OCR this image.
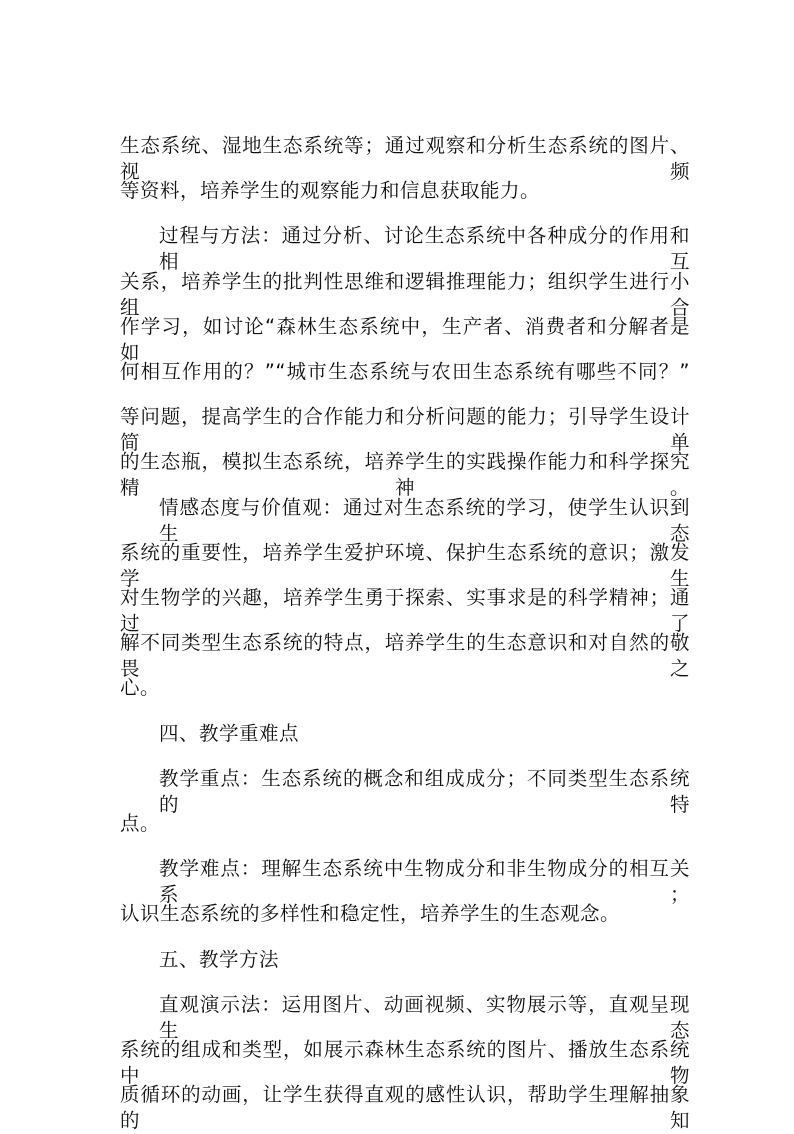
生态系统、湿地生态系统等；通过观察和分析生态系统的图片、视频
等资料，培养学生的观察能力和信息获取能力。
过程与方法：通过分析、讨论生态系统中各种成分的作用和相互
关系，培养学生的批判性思维和逻辑推理能力；组织学生进行小组合
作学习，如讨论“森林生态系统中，生产者、消费者和分解者是如
何相互作用的？”“城市生态系统与农田生态系统有哪些不同？”
等问题，提高学生的合作能力和分析问题的能力；引导学生设计简单
的生态瓶，模拟生态系统，培养学生的实践操作能力和科学探究精神。
情感态度与价值观：通过对生态系统的学习，使学生认识到生态
系统的重要性，培养学生爱护环境、保护生态系统的意识；激发学生
对生物学的兴趣，培养学生勇于探索、实事求是的科学精神；通过了
解不同类型生态系统的特点，培养学生的生态意识和对自然的敬畏之
心。
四、教学重难点
教学重点：生态系统的概念和组成成分；不同类型生态系统的特
点。
教学难点：理解生态系统中生物成分和非生物成分的相互关系；
认识生态系统的多样性和稳定性，培养学生的生态观念。
五、教学方法
直观演示法：运用图片、动画视频、实物展示等，直观呈现生态
系统的组成和类型，如展示森林生态系统的图片、播放生态系统中物
质循环的动画，让学生获得直观的感性认识，帮助学生理解抽象的知
